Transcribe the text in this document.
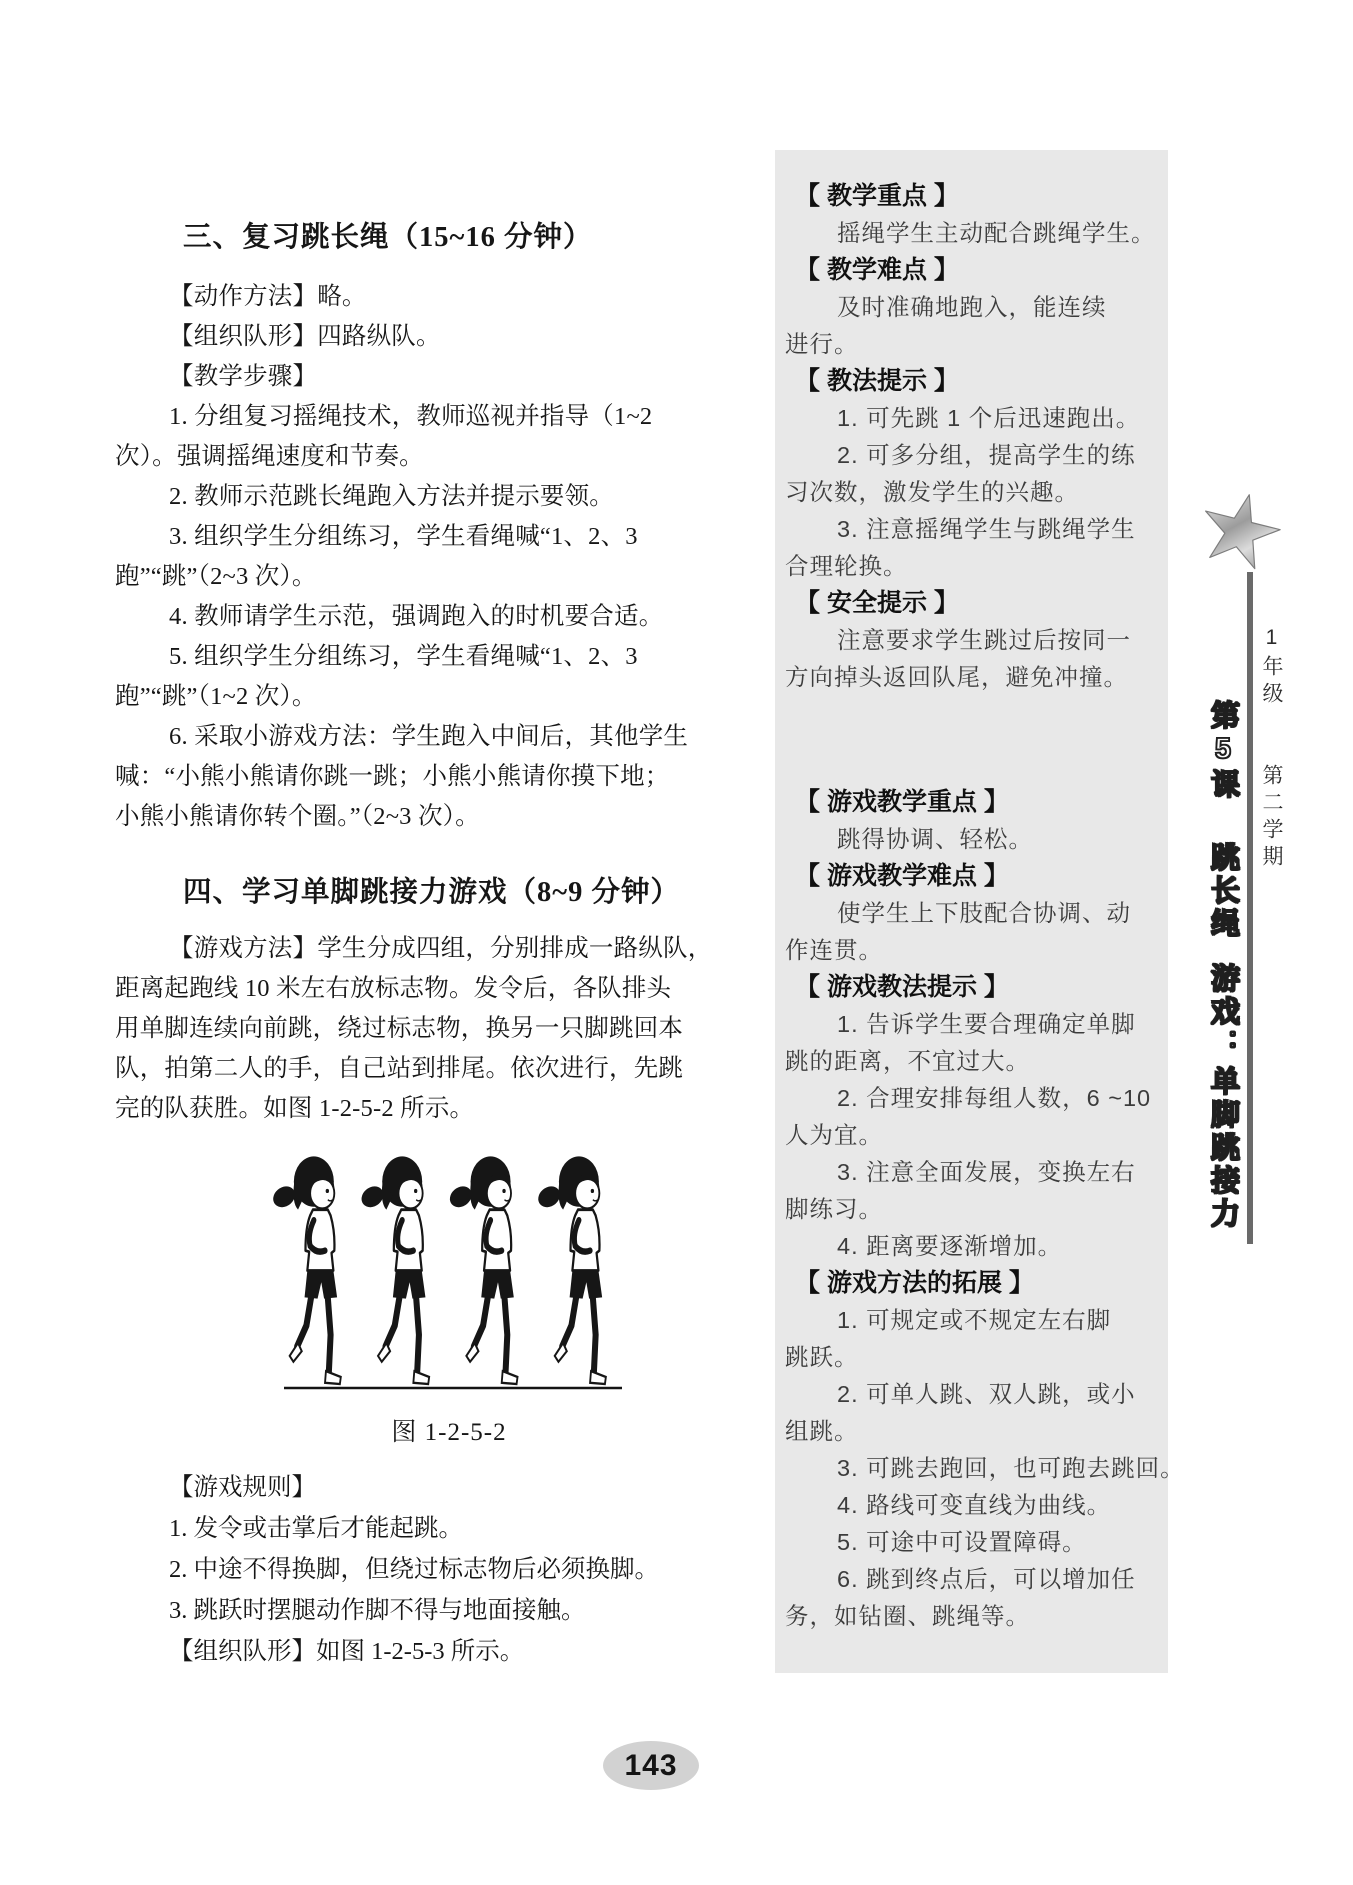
三、复习跳长绳（15~16 分钟）
【动作方法】略。
【组织队形】四路纵队。
【教学步骤】
1. 分组复习摇绳技术，教师巡视并指导（1~2
次）。强调摇绳速度和节奏。
2. 教师示范跳长绳跑入方法并提示要领。
3. 组织学生分组练习，学生看绳喊“1、2、3
跑”“跳”（2~3 次）。
4. 教师请学生示范，强调跑入的时机要合适。
5. 组织学生分组练习，学生看绳喊“1、2、3
跑”“跳”（1~2 次）。
6. 采取小游戏方法：学生跑入中间后，其他学生
喊：“小熊小熊请你跳一跳；小熊小熊请你摸下地；
小熊小熊请你转个圈。”（2~3 次）。
四、学习单脚跳接力游戏（8~9 分钟）
【游戏方法】学生分成四组，分别排成一路纵队，
距离起跑线 10 米左右放标志物。发令后，各队排头
用单脚连续向前跳，绕过标志物，换另一只脚跳回本
队，拍第二人的手，自己站到排尾。依次进行，先跳
完的队获胜。如图 1-2-5-2 所示。
图 1-2-5-2
【游戏规则】
1. 发令或击掌后才能起跳。
2. 中途不得换脚，但绕过标志物后必须换脚。
3. 跳跃时摆腿动作脚不得与地面接触。
【组织队形】如图 1-2-5-3 所示。
【 教学重点 】
摇绳学生主动配合跳绳学生。
【 教学难点 】
及时准确地跑入，能连续
进行。
【 教法提示 】
1. 可先跳 1 个后迅速跑出。
2. 可多分组，提高学生的练
习次数，激发学生的兴趣。
3. 注意摇绳学生与跳绳学生
合理轮换。
【 安全提示 】
注意要求学生跳过后按同一
方向掉头返回队尾，避免冲撞。
【 游戏教学重点 】
跳得协调、轻松。
【 游戏教学难点 】
使学生上下肢配合协调、动
作连贯。
【 游戏教法提示 】
1. 告诉学生要合理确定单脚
跳的距离，不宜过大。
2. 合理安排每组人数，6 ~10
人为宜。
3. 注意全面发展，变换左右
脚练习。
4. 距离要逐渐增加。
【 游戏方法的拓展 】
1. 可规定或不规定左右脚
跳跃。
2. 可单人跳、双人跳，或小
组跳。
3. 可跳去跑回，也可跑去跳回。
4. 路线可变直线为曲线。
5. 可途中可设置障碍。
6. 跳到终点后，可以增加任
务，如钻圈、跳绳等。
1年级 第二学期
第5课跳长绳游戏：单脚跳接力
143
